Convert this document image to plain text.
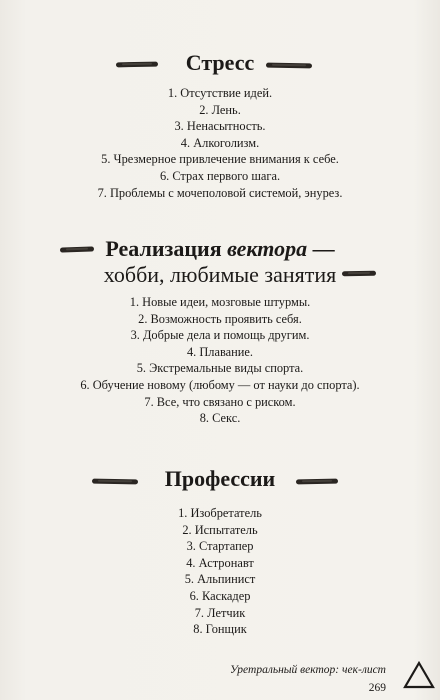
Стресс
1. Отсутствие идей.
2. Лень.
3. Ненасытность.
4. Алкоголизм.
5. Чрезмерное привлечение внимания к себе.
6. Страх первого шага.
7. Проблемы с мочеполовой системой, энурез.
Реализация вектора —
хобби, любимые занятия
1. Новые идеи, мозговые штурмы.
2. Возможность проявить себя.
3. Добрые дела и помощь другим.
4. Плавание.
5. Экстремальные виды спорта.
6. Обучение новому (любому — от науки до спорта).
7. Все, что связано с риском.
8. Секс.
Профессии
1. Изобретатель
2. Испытатель
3. Стартапер
4. Астронавт
5. Альпинист
6. Каскадер
7. Летчик
8. Гонщик
Уретральный вектор: чек-лист
269
